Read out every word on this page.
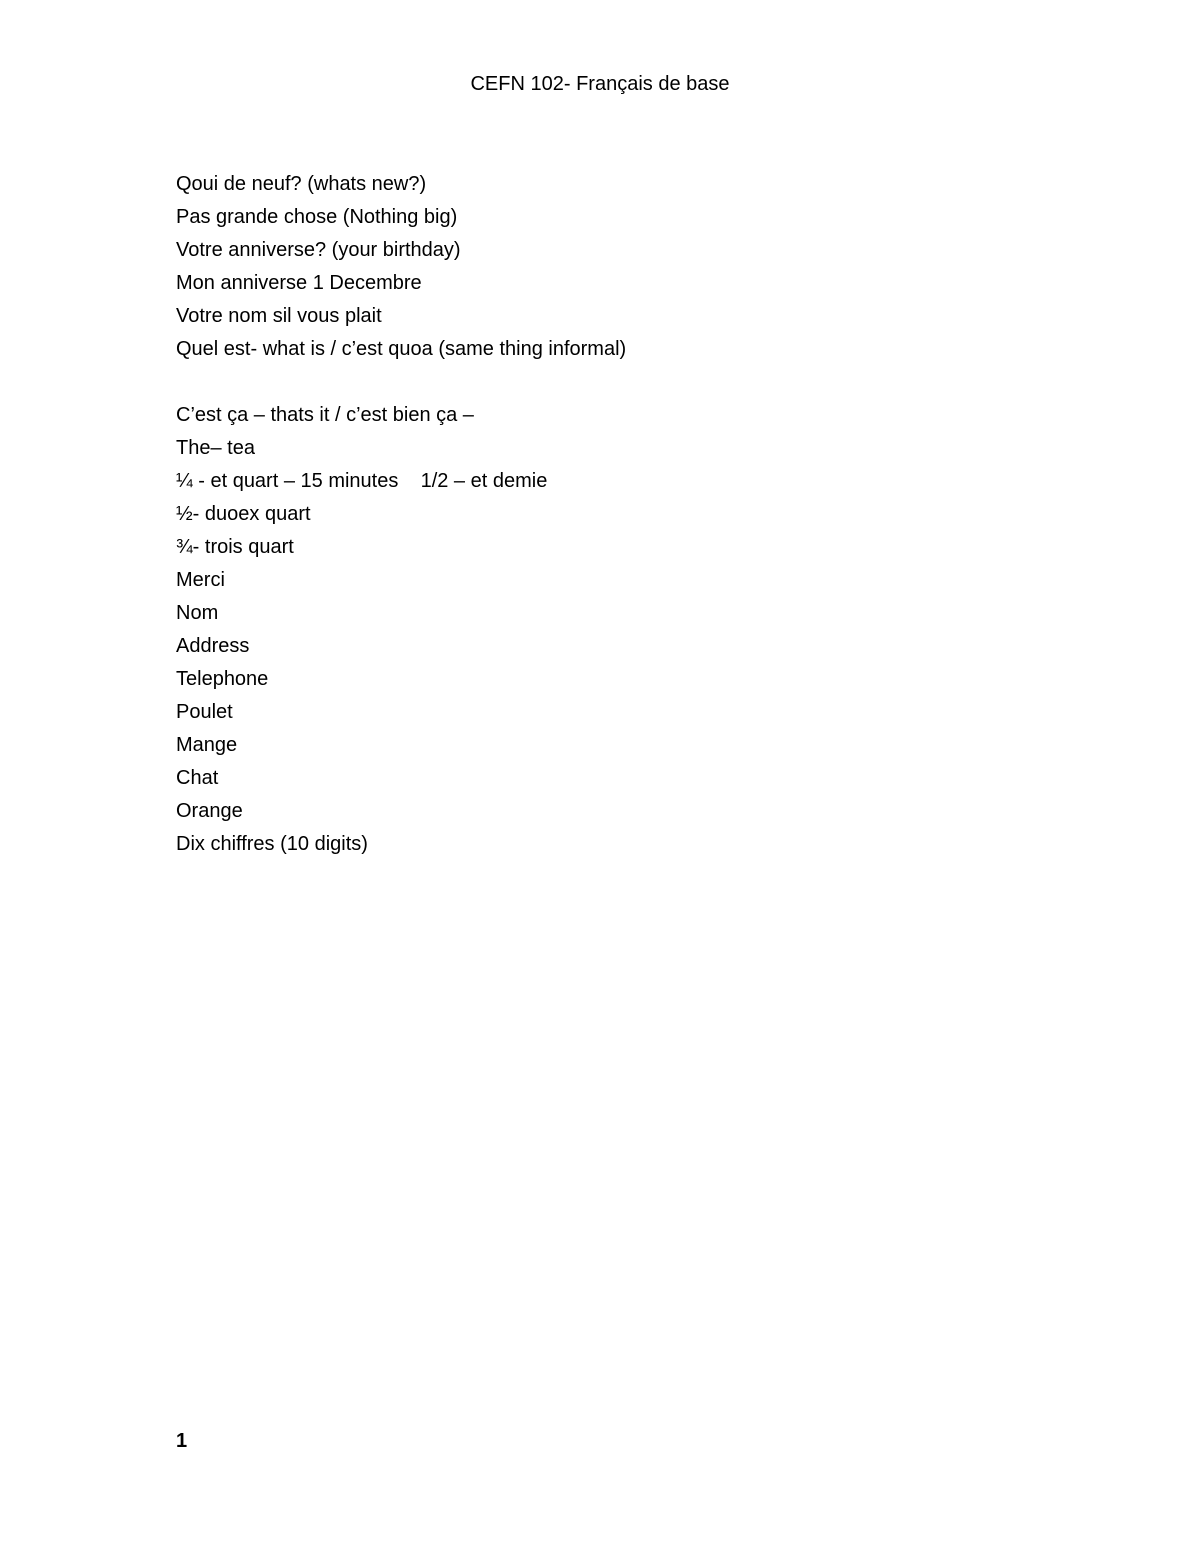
CEFN 102- Français de base
Qoui de neuf? (whats new?)
Pas grande chose (Nothing big)
Votre anniverse? (your birthday)
Mon anniverse 1 Decembre
Votre nom sil vous plait
Quel est- what is / c’est quoa (same thing informal)
C’est ça – thats it / c’est bien ça –
The– tea
¼ - et quart – 15 minutes    1/2 – et demie
½- duoex quart
¾- trois quart
Merci
Nom
Address
Telephone
Poulet
Mange
Chat
Orange
Dix chiffres (10 digits)
1
